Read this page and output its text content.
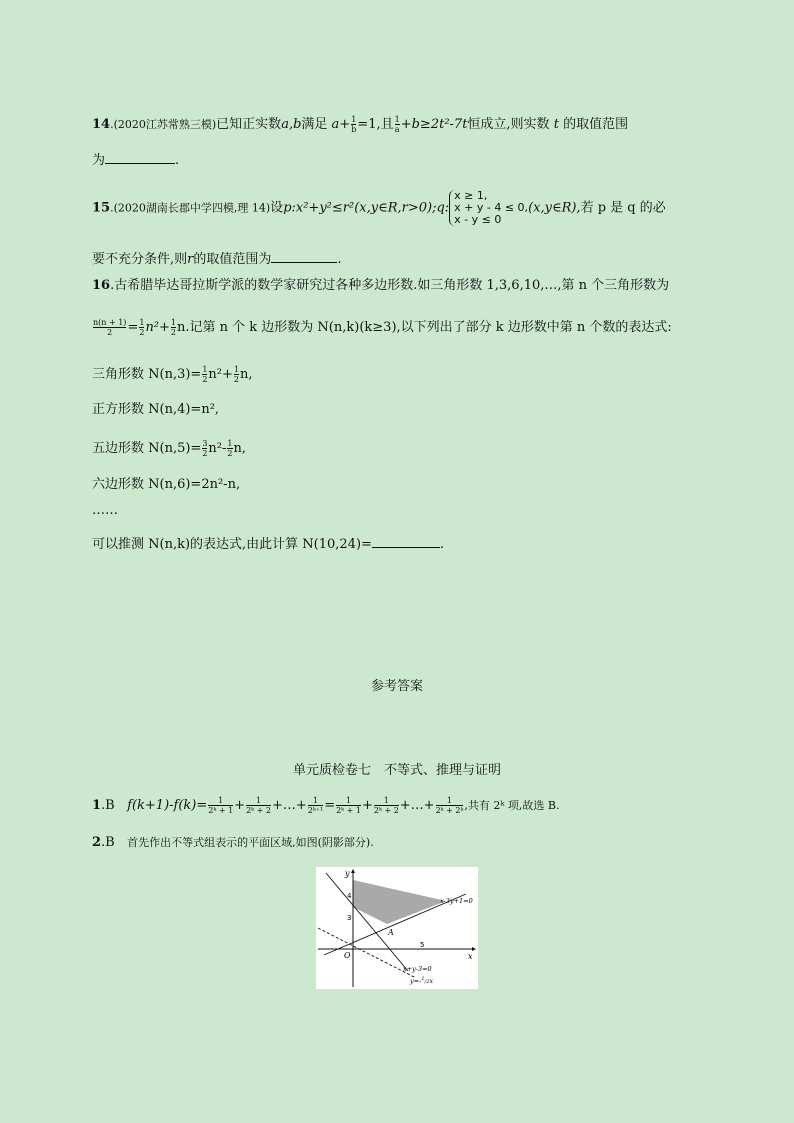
14.(2020江苏常熟三模)已知正实数a,b满足 $a+ \frac{1}{b} =1$,且 $\frac{1}{a} +b\ge 2t^2-7t$恒成立,则实数 t 的取值范围
为	.
15.(2020湖南长郡中学四模,理 14)设p:x²+y²≤r²(x,y∈R,r>0);q:
x ≥ 1,
x + y - 4 ≤ 0,
x - y ≤ 0
(x,y∈R),若 p 是 q 的必
要不充分条件,则r的取值范围为	.
16.古希腊毕达哥拉斯学派的数学家研究过各种多边形数.如三角形数 1,3,6,10,…,第 n 个三角形数为
$\frac{n(n + 1)}{2} = \frac{1}{2} n^2+ \frac{1}{2} n$.记第 n 个 k 边形数为 N(n,k)(k≥3),以下列出了部分 k 边形数中第 n 个数的表达式:
三角形数 $N(n,3)= \frac{1}{2} n^2+ \frac{1}{2} n$,
正方形数 N(n,4)=n²,
五边形数 $N(n,5)= \frac{3}{2} n^2- \frac{1}{2} n$,
六边形数 N(n,6)=2n²-n,
……
可以推测 N(n,k)的表达式,由此计算 N(10,24)=	.
参考答案
单元质检卷七　不等式、推理与证明
1.B $f(k+1)-f(k)= \frac{1}{\text{2ᵏ + 1}} + \frac{1}{\text{2ᵏ + 2}}$ +…+ $\frac{1}{\text{2ᵏ⁺¹}} = \frac{1}{\text{2ᵏ + 1}} + \frac{1}{\text{2ᵏ + 2}}$ +…+ $\frac{1}{\text{2ᵏ + 2ᵏ}}$ ,共有 2ᵏ 项,故选 B.
2.B 首先作出不等式组表示的平面区域,如图(阴影部分).
y
x
O
4
3
5
A
x-3y+1=0
x+y-3=0
y=-$^1_/$2x
